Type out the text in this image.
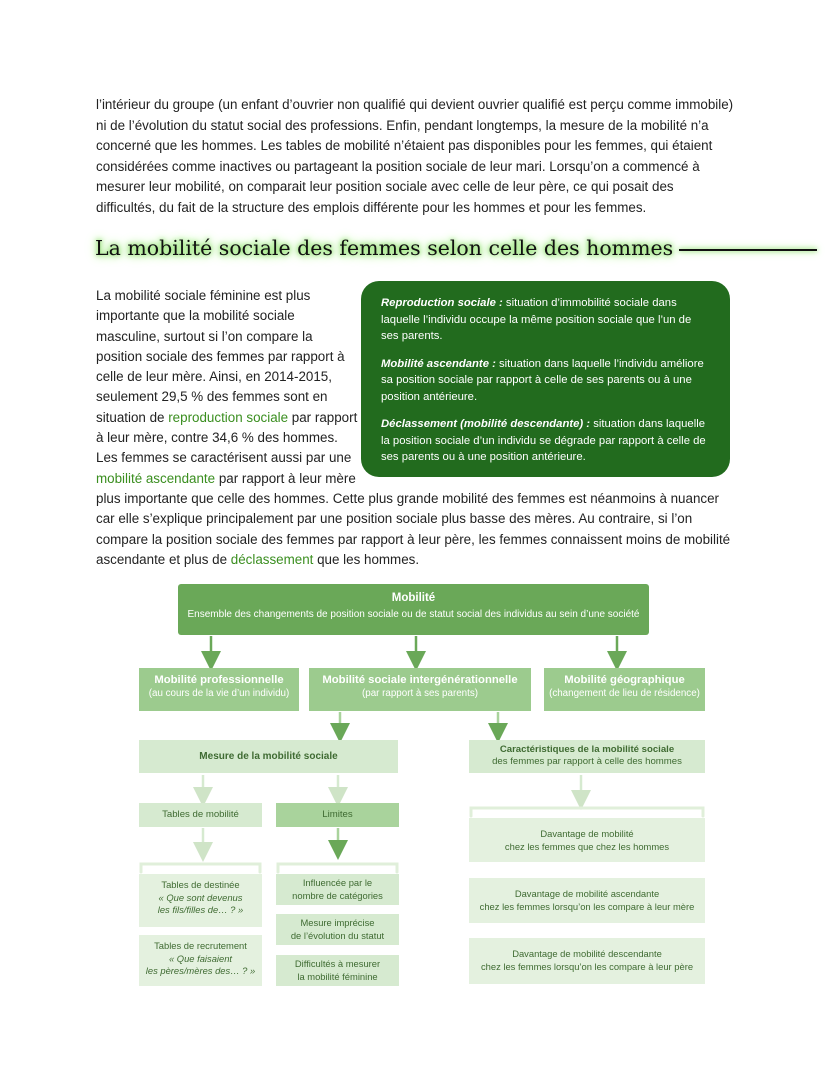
l’intérieur du groupe (un enfant d’ouvrier non qualifié qui devient ouvrier qualifié est perçu comme immobile) ni de l’évolution du statut social des professions. Enfin, pendant longtemps, la mesure de la mobilité n’a concerné que les hommes. Les tables de mobilité n’étaient pas disponibles pour les femmes, qui étaient considérées comme inactives ou partageant la position sociale de leur mari. Lorsqu’on a commencé à mesurer leur mobilité, on comparait leur position sociale avec celle de leur père, ce qui posait des difficultés, du fait de la structure des emplois différente pour les hommes et pour les femmes.
La mobilité sociale des femmes selon celle des hommes
La mobilité sociale féminine est plus importante que la mobilité sociale masculine, surtout si l’on compare la position sociale des femmes par rapport à celle de leur mère. Ainsi, en 2014-2015, seulement 29,5 % des femmes sont en situation de reproduction sociale par rapport à leur mère, contre 34,6 % des hommes. Les femmes se caractérisent aussi par une mobilité ascendante par rapport à leur mère
plus importante que celle des hommes. Cette plus grande mobilité des femmes est néanmoins à nuancer car elle s’explique principalement par une position sociale plus basse des mères. Au contraire, si l’on compare la position sociale des femmes par rapport à leur père, les femmes connaissent moins de mobilité ascendante et plus de déclassement que les hommes.

Reproduction sociale : situation d’immobilité sociale dans laquelle l’individu occupe la même position sociale que l’un de ses parents.

Mobilité ascendante : situation dans laquelle l’individu améliore sa position sociale par rapport à celle de ses parents ou à une position antérieure.

Déclassement (mobilité descendante) : situation dans laquelle la position sociale d’un individu se dégrade par rapport à celle de ses parents ou à une position antérieure.

Mobilité
Ensemble des changements de position sociale ou de statut social des individus au sein d’une société
Mobilité professionnelle
(au cours de la vie d’un individu)
Mobilité sociale intergénérationnelle
(par rapport à ses parents)
Mobilité géographique
(changement de lieu de résidence)
Mesure de la mobilité sociale
Caractéristiques de la mobilité sociale
des femmes par rapport à celle des hommes
Tables de mobilité	Limites
Tables de destinée
« Que sont devenus
les fils/filles de… ? »
Tables de recrutement
« Que faisaient
les pères/mères des… ? »
Influencée par le
nombre de catégories
Mesure imprécise
de l’évolution du statut
Difficultés à mesurer
la mobilité féminine
Davantage de mobilité
chez les femmes que chez les hommes
Davantage de mobilité ascendante
chez les femmes lorsqu’on les compare à leur mère
Davantage de mobilité descendante
chez les femmes lorsqu’on les compare à leur père
